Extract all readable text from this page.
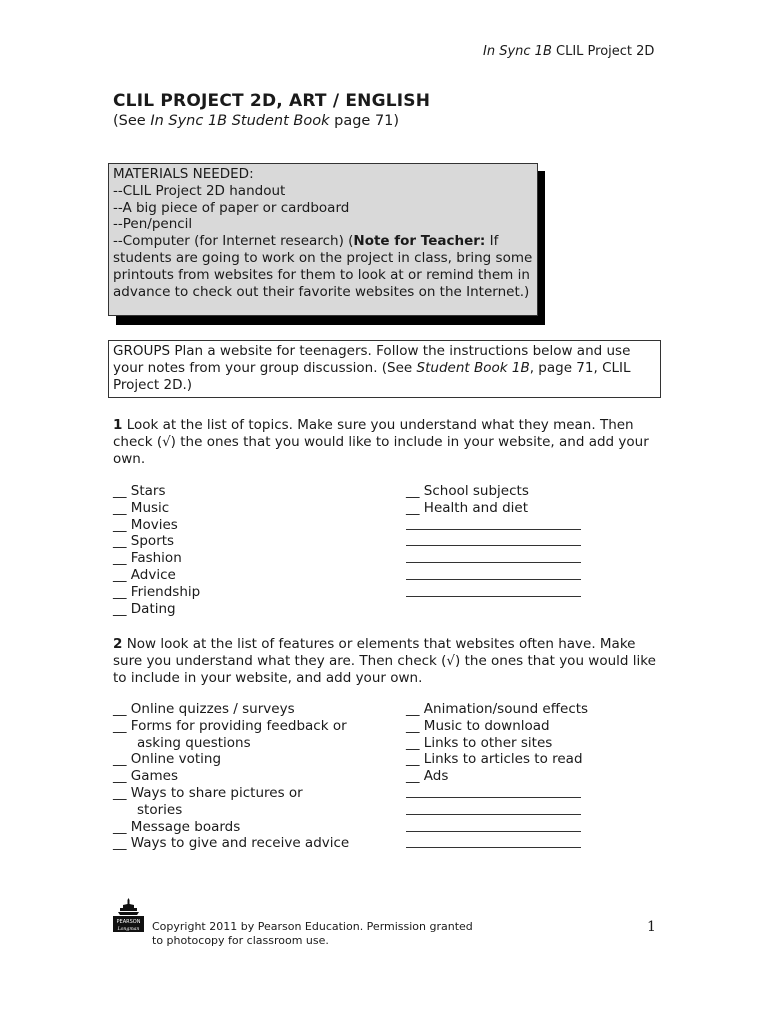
In Sync 1B CLIL Project 2D
CLIL PROJECT 2D, ART / ENGLISH
(See In Sync 1B Student Book page 71)
MATERIALS NEEDED:
--CLIL Project 2D handout
--A big piece of paper or cardboard
--Pen/pencil
--Computer (for Internet research) (Note for Teacher: If students are going to work on the project in class, bring some printouts from websites for them to look at or remind them in advance to check out their favorite websites on the Internet.)
GROUPS Plan a website for teenagers. Follow the instructions below and use your notes from your group discussion. (See Student Book 1B, page 71, CLIL Project 2D.)
1 Look at the list of topics. Make sure you understand what they mean. Then check (√) the ones that you would like to include in your website, and add your own.
__ Stars
__ Music
__ Movies
__ Sports
__ Fashion
__ Advice
__ Friendship
__ Dating
__ School subjects
__ Health and diet
2 Now look at the list of features or elements that websites often have. Make sure you understand what they are. Then check (√) the ones that you would like to include in your website, and add your own.
__ Online quizzes / surveys
__ Forms for providing feedback or
asking questions
__ Online voting
__ Games
__ Ways to share pictures or
stories
__ Message boards
__ Ways to give and receive advice
__ Animation/sound effects
__ Music to download
__ Links to other sites
__ Links to articles to read
__ Ads
PEARSON
Longman Copyright 2011 by Pearson Education. Permission granted
to photocopy for classroom use.
1
